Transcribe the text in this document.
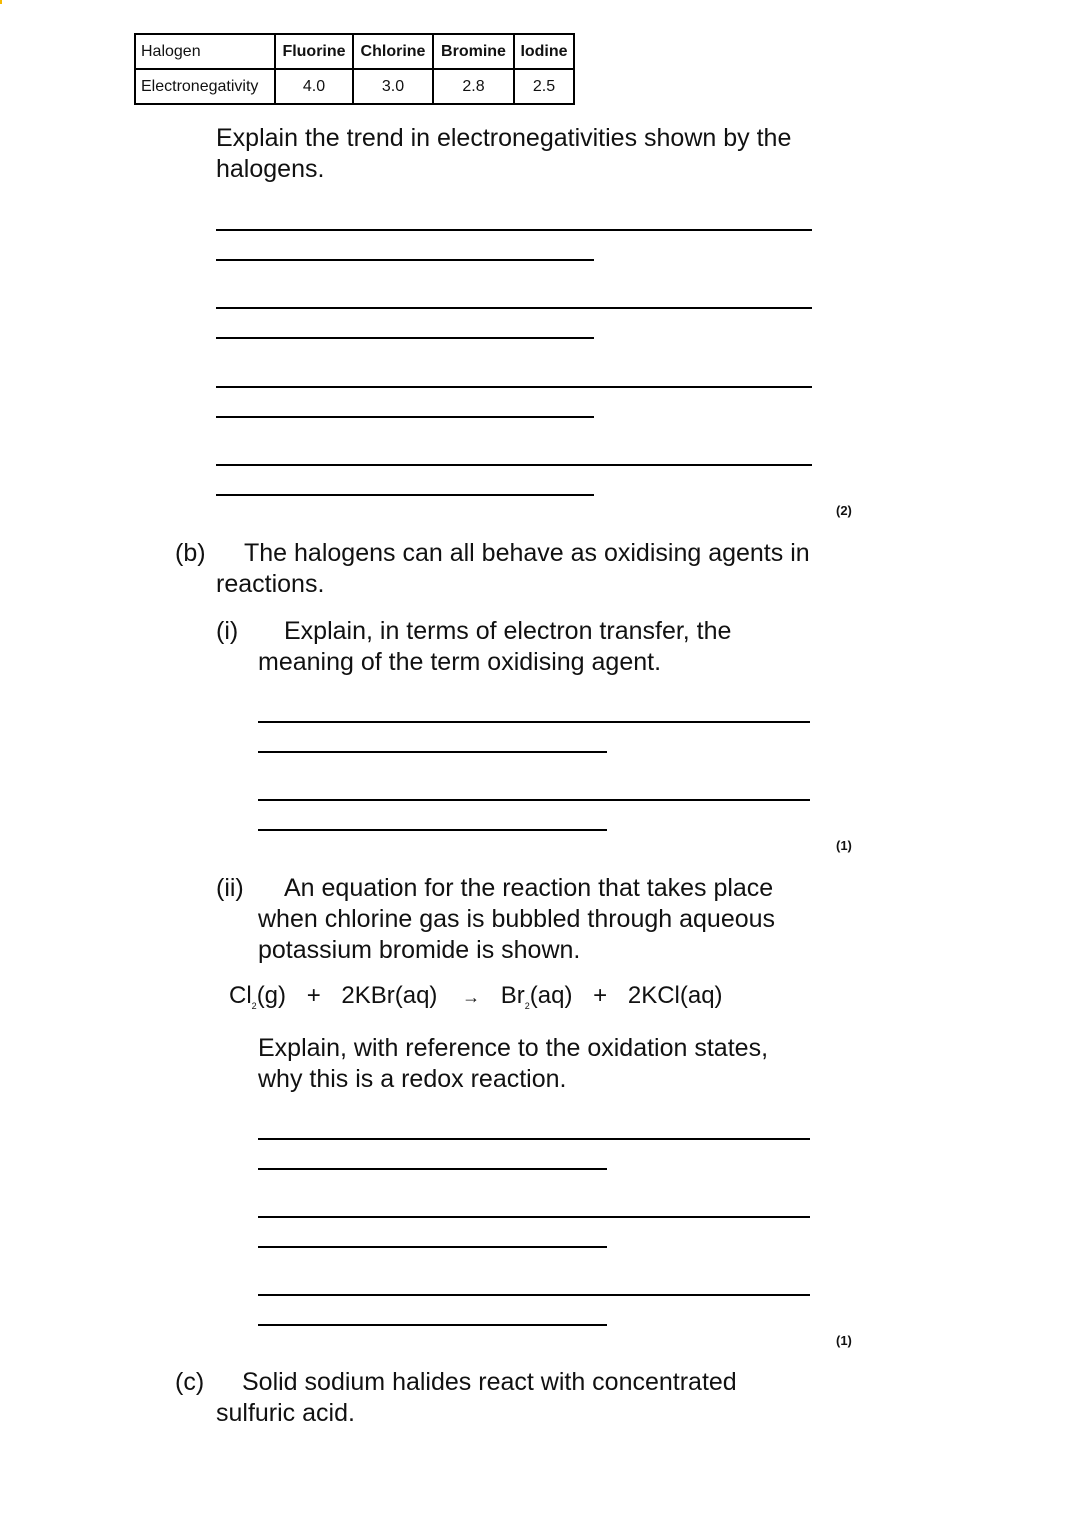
Halogen	Fluorine	Chlorine	Bromine	Iodine
Electronegativity	4.0	3.0	2.8	2.5
Explain the trend in electronegativities shown by the halogens.
(2)
(b)	The halogens can all behave as oxidising agents in reactions.
(i)	Explain, in terms of electron transfer, the meaning of the term oxidising agent.
(1)
(ii)	An equation for the reaction that takes place when chlorine gas is bubbled through aqueous potassium bromide is shown.
$Cl_2(g) + 2KBr(aq) \to Br_2(aq) + 2KCl(aq)$
Explain, with reference to the oxidation states, why this is a redox reaction.
(1)
(c)	Solid sodium halides react with concentrated sulfuric acid.
